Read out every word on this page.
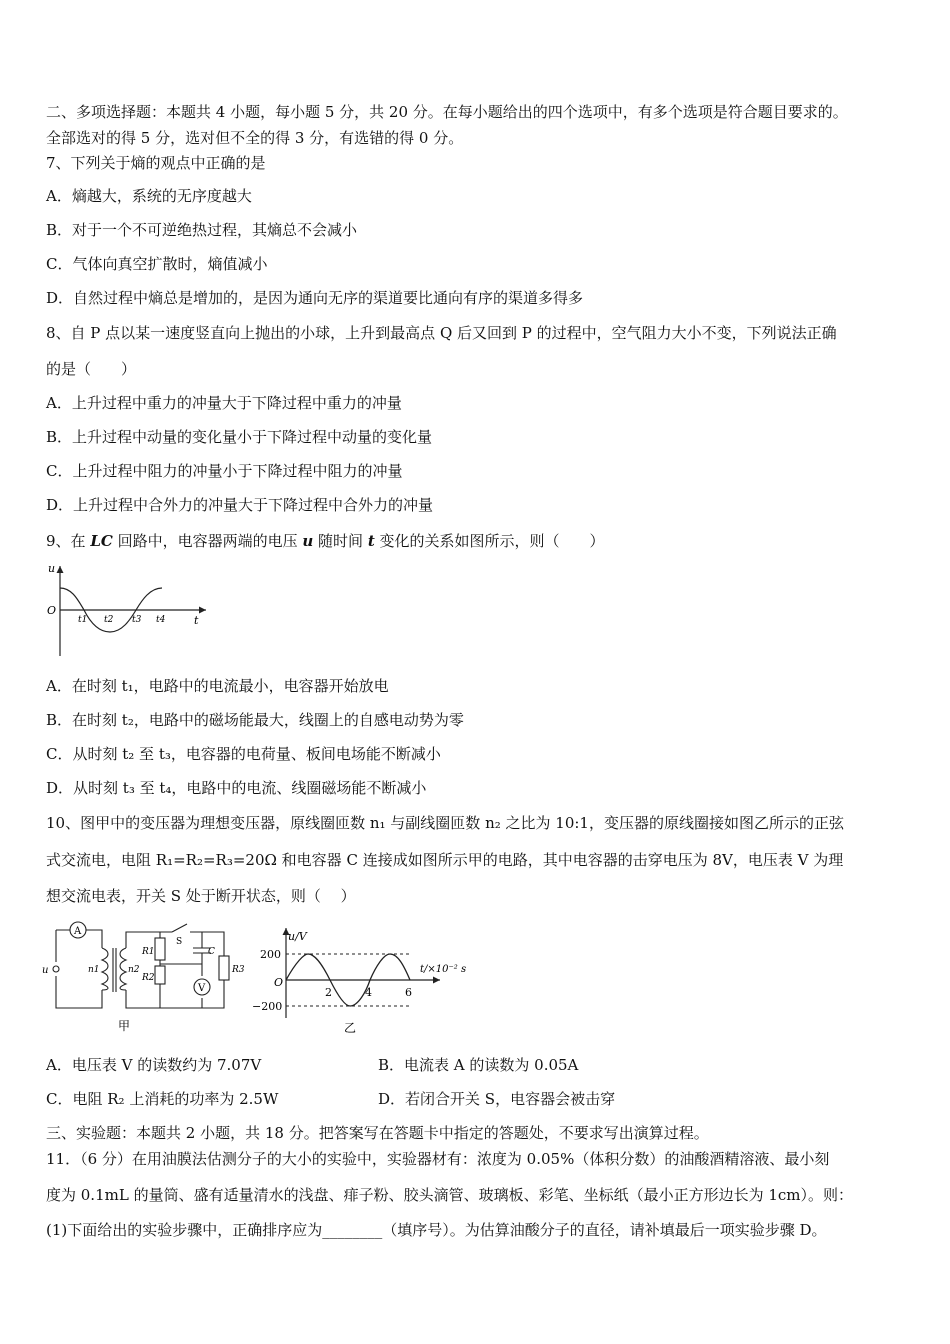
二、多项选择题：本题共 4 小题，每小题 5 分，共 20 分。在每小题给出的四个选项中，有多个选项是符合题目要求的。
全部选对的得 5 分，选对但不全的得 3 分，有选错的得 0 分。
7、下列关于熵的观点中正确的是
A．熵越大，系统的无序度越大
B．对于一个不可逆绝热过程，其熵总不会减小
C．气体向真空扩散时，熵值减小
D．自然过程中熵总是增加的，是因为通向无序的渠道要比通向有序的渠道多得多
8、自 P 点以某一速度竖直向上抛出的小球，上升到最高点 Q 后又回到 P 的过程中，空气阻力大小不变，下列说法正确
的是（　　）
A．上升过程中重力的冲量大于下降过程中重力的冲量
B．上升过程中动量的变化量小于下降过程中动量的变化量
C．上升过程中阻力的冲量小于下降过程中阻力的冲量
D．上升过程中合外力的冲量大于下降过程中合外力的冲量
9、在 LC 回路中，电容器两端的电压 u 随时间 t 变化的关系如图所示，则（　　）
u
O
t
t1 t2 t3 t4
A．在时刻 t₁，电路中的电流最小，电容器开始放电
B．在时刻 t₂，电路中的磁场能最大，线圈上的自感电动势为零
C．从时刻 t₂ 至 t₃，电容器的电荷量、板间电场能不断减小
D．从时刻 t₃ 至 t₄，电路中的电流、线圈磁场能不断减小
10、图甲中的变压器为理想变压器，原线圈匝数 n₁ 与副线圈匝数 n₂ 之比为 10:1，变压器的原线圈接如图乙所示的正弦
式交流电，电阻 R₁=R₂=R₃=20Ω 和电容器 C 连接成如图所示甲的电路，其中电容器的击穿电压为 8V，电压表 V 为理
想交流电表，开关 S 处于断开状态，则（　 ）
A
u	n1	n2
R1
R2
S
C
R3
V
甲
u/V
200
O
−200
t/×10⁻² s
2	4	6
乙
A．电压表 V 的读数约为 7.07V	B．电流表 A 的读数为 0.05A
C．电阻 R₂ 上消耗的功率为 2.5W	D．若闭合开关 S，电容器会被击穿
三、实验题：本题共 2 小题，共 18 分。把答案写在答题卡中指定的答题处，不要求写出演算过程。
11．（6 分）在用油膜法估测分子的大小的实验中，实验器材有：浓度为 0.05%（体积分数）的油酸酒精溶液、最小刻
度为 0.1mL 的量筒、盛有适量清水的浅盘、痱子粉、胶头滴管、玻璃板、彩笔、坐标纸（最小正方形边长为 1cm）。则：
(1)下面给出的实验步骤中，正确排序应为________（填序号）。为估算油酸分子的直径，请补填最后一项实验步骤 D。
